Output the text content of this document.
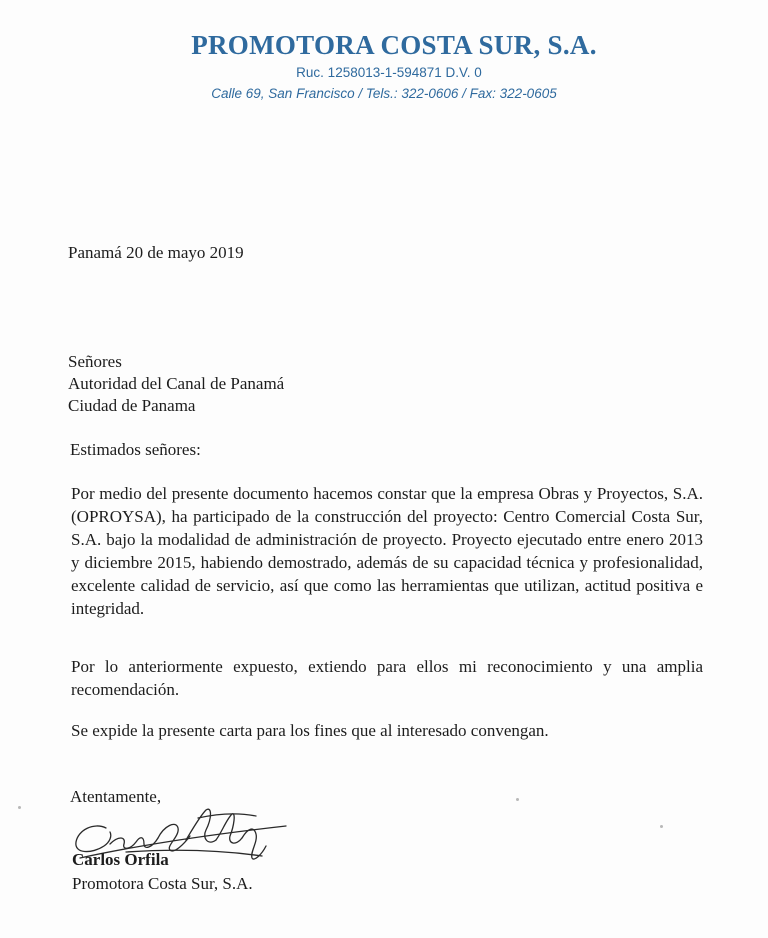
PROMOTORA COSTA SUR, S.A.
Ruc. 1258013-1-594871 D.V. 0
Calle 69, San Francisco / Tels.: 322-0606 / Fax: 322-0605
Panamá 20 de mayo 2019
Señores
Autoridad del Canal de Panamá
Ciudad de Panama
Estimados señores:
Por medio del presente documento hacemos constar que la empresa Obras y Proyectos, S.A. (OPROYSA), ha participado de la construcción del proyecto: Centro Comercial Costa Sur, S.A. bajo la modalidad de administración de proyecto. Proyecto ejecutado entre enero 2013 y diciembre 2015, habiendo demostrado, además de su capacidad técnica y profesionalidad, excelente calidad de servicio, así que como las herramientas que utilizan, actitud positiva e integridad.
Por lo anteriormente expuesto, extiendo para ellos mi reconocimiento y una amplia recomendación.
Se expide la presente carta para los fines que al interesado convengan.
Atentamente,
Carlos Orfila
Promotora Costa Sur, S.A.
